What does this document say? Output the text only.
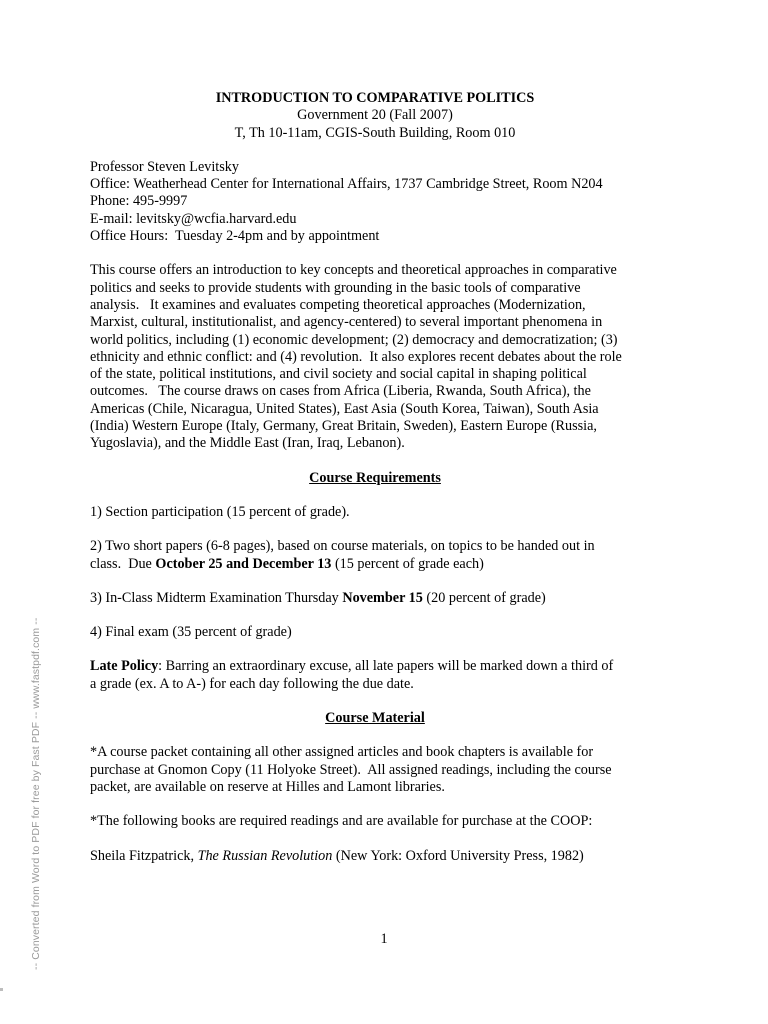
INTRODUCTION TO COMPARATIVE POLITICS

Government 20 (Fall 2007)

T, Th 10-11am, CGIS-South Building, Room 010

Professor Steven Levitsky

Office: Weatherhead Center for International Affairs, 1737 Cambridge Street, Room N204

Phone: 495-9997

E-mail: levitsky@wcfia.harvard.edu

Office Hours:  Tuesday 2-4pm and by appointment

This course offers an introduction to key concepts and theoretical approaches in comparative

politics and seeks to provide students with grounding in the basic tools of comparative

analysis.   It examines and evaluates competing theoretical approaches (Modernization,

Marxist, cultural, institutionalist, and agency-centered) to several important phenomena in

world politics, including (1) economic development; (2) democracy and democratization; (3)

ethnicity and ethnic conflict: and (4) revolution.  It also explores recent debates about the role

of the state, political institutions, and civil society and social capital in shaping political

outcomes.   The course draws on cases from Africa (Liberia, Rwanda, South Africa), the

Americas (Chile, Nicaragua, United States), East Asia (South Korea, Taiwan), South Asia

(India) Western Europe (Italy, Germany, Great Britain, Sweden), Eastern Europe (Russia,

Yugoslavia), and the Middle East (Iran, Iraq, Lebanon).

Course Requirements

1) Section participation (15 percent of grade).

2) Two short papers (6-8 pages), based on course materials, on topics to be handed out in

class.  Due October 25 and December 13 (15 percent of grade each)

3) In-Class Midterm Examination Thursday November 15 (20 percent of grade)

4) Final exam (35 percent of grade)

Late Policy: Barring an extraordinary excuse, all late papers will be marked down a third of

a grade (ex. A to A-) for each day following the due date.

Course Material

*A course packet containing all other assigned articles and book chapters is available for

purchase at Gnomon Copy (11 Holyoke Street).  All assigned readings, including the course

packet, are available on reserve at Hilles and Lamont libraries.

*The following books are required readings and are available for purchase at the COOP:

Sheila Fitzpatrick, The Russian Revolution (New York: Oxford University Press, 1982)

1
-- Converted from Word to PDF for free by Fast PDF -- www.fastpdf.com --
